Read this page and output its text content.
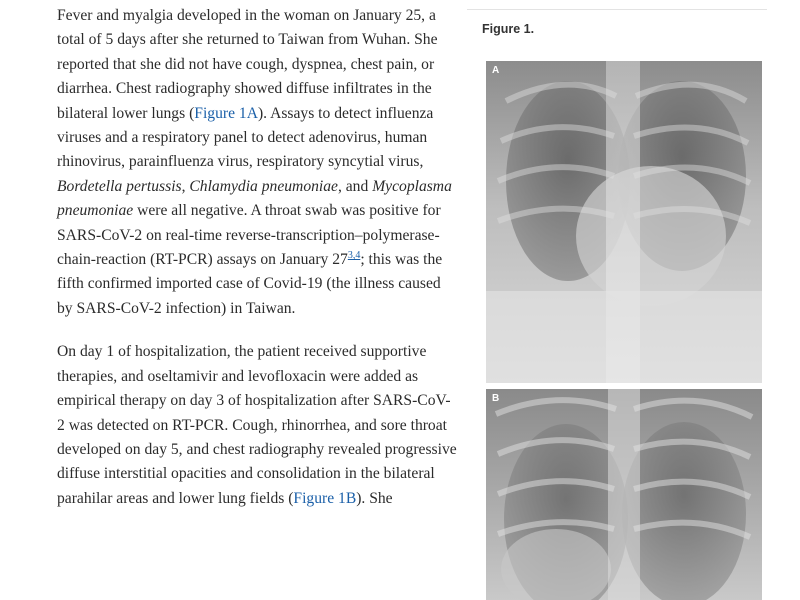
Fever and myalgia developed in the woman on January 25, a total of 5 days after she returned to Taiwan from Wuhan. She reported that she did not have cough, dyspnea, chest pain, or diarrhea. Chest radiography showed diffuse infiltrates in the bilateral lower lungs (Figure 1A). Assays to detect influenza viruses and a respiratory panel to detect adenovirus, human rhinovirus, parainfluenza virus, respiratory syncytial virus, Bordetella pertussis, Chlamydia pneumoniae, and Mycoplasma pneumoniae were all negative. A throat swab was positive for SARS-CoV-2 on real-time reverse-transcription–polymerase-chain-reaction (RT-PCR) assays on January 27$^{3,4}$; this was the fifth confirmed imported case of Covid-19 (the illness caused by SARS-CoV-2 infection) in Taiwan.

On day 1 of hospitalization, the patient received supportive therapies, and oseltamivir and levofloxacin were added as empirical therapy on day 3 of hospitalization after SARS-CoV-2 was detected on RT-PCR. Cough, rhinorrhea, and sore throat developed on day 5, and chest radiography revealed progressive diffuse interstitial opacities and consolidation in the bilateral parahilar areas and lower lung fields (Figure 1B). She

Figure 1.
A
B
